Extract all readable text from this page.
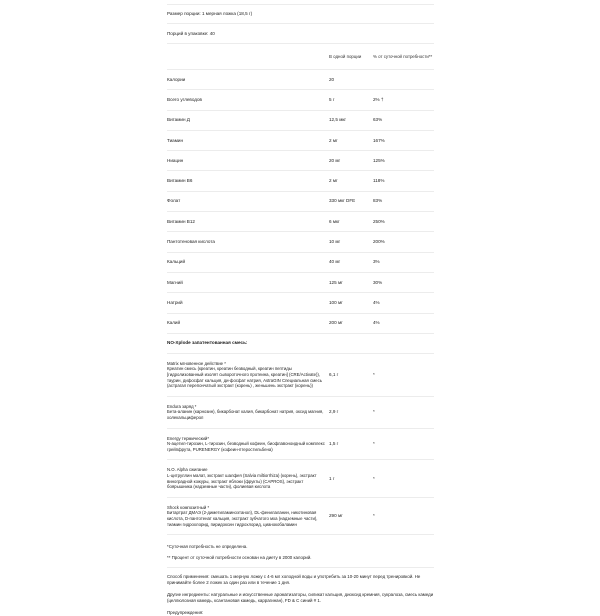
Размер порции: 1 мерная ложка (18,5 г)
Порций в упаковке: 40
В одной порции	% от суточной потребности**
Калории	20
Всего углеводов	5 г	2% †
Витамин Д	12,5 мкг	63%
Тиамин	2 мг	167%
Ниацин	20 мг	125%
Витамин B6	2 мг	118%
Фолат	330 мкг DFE	83%
Витамин B12	6 мкг	250%
Пантотеновая кислота	10 мг	200%
Кальций	40 мг	3%
Магний	125 мг	30%
Натрий	100 мг	4%
Калий	200 мг	4%
NO-Xplode запатентованная смесь:
Matrix мгновенное действие *
Креатин смесь (креатин, креатин безводный, креатин пептиды [гидролизованный изолят сывороточного протеина, креатин] (CRE/Activate)), таурин, дифосфат кальция, ди-фосфат натрия, AstraGIN Специальная смесь (астрагал перепончатый экстракт (корень) , женьшень экстракт (корень))
6,1 г	*
Endura заряд *
Бета-аланин (карнозин), бикарбонат калия, бикарбонат натрия, оксид магния, холекальциферол
2,9 г	*
Energy термический*
N-ацетил-тирозин, L-тирозин, безводный кофеин, биофлавоноидный комплекс грейпфрута, PURENERGY (кофеин-птеростильбена)
1,5 г	*
N.O. Alpha сжигание
L-цитруллин малат, экстракт шалфея (Salvia miltiorrhiza) (корень), экстракт виноградной кожуры, экстракт яблоки (фрукты) (CAPROS), экстракт боярышника (надземные части), фолиевая кислота
1 г	*
Shock композитный *
Битартрат ДМАЭ (2-диметиламиноэтанол), DL-фенилаланин, никотиновая кислота, D-пантотенат кальция, экстракт зубчатого мха (надземные части), тиамин гидрохлорид, пиридоксин гидрохлорид, цианокобаламин
290 мг	*

*Суточная потребность не определена.

** Процент от суточной потребности основан на диету в 2000 калорий.

Способ применения: смешать 1 мерную ложку с 4-6 мл холодной воды и употребить за 10-20 минут перед тренировкой. Не принимайте более 2 ложек за один раз или в течение 1 дня.

Другие ингредиенты: натуральные и искусственные ароматизаторы, силикат кальция, диоксид кремния, сукралоза, смесь камеди (целлюлозная камедь, ксантановая камедь, каррагинан), FD & C синий # 1.

Предупреждения:
